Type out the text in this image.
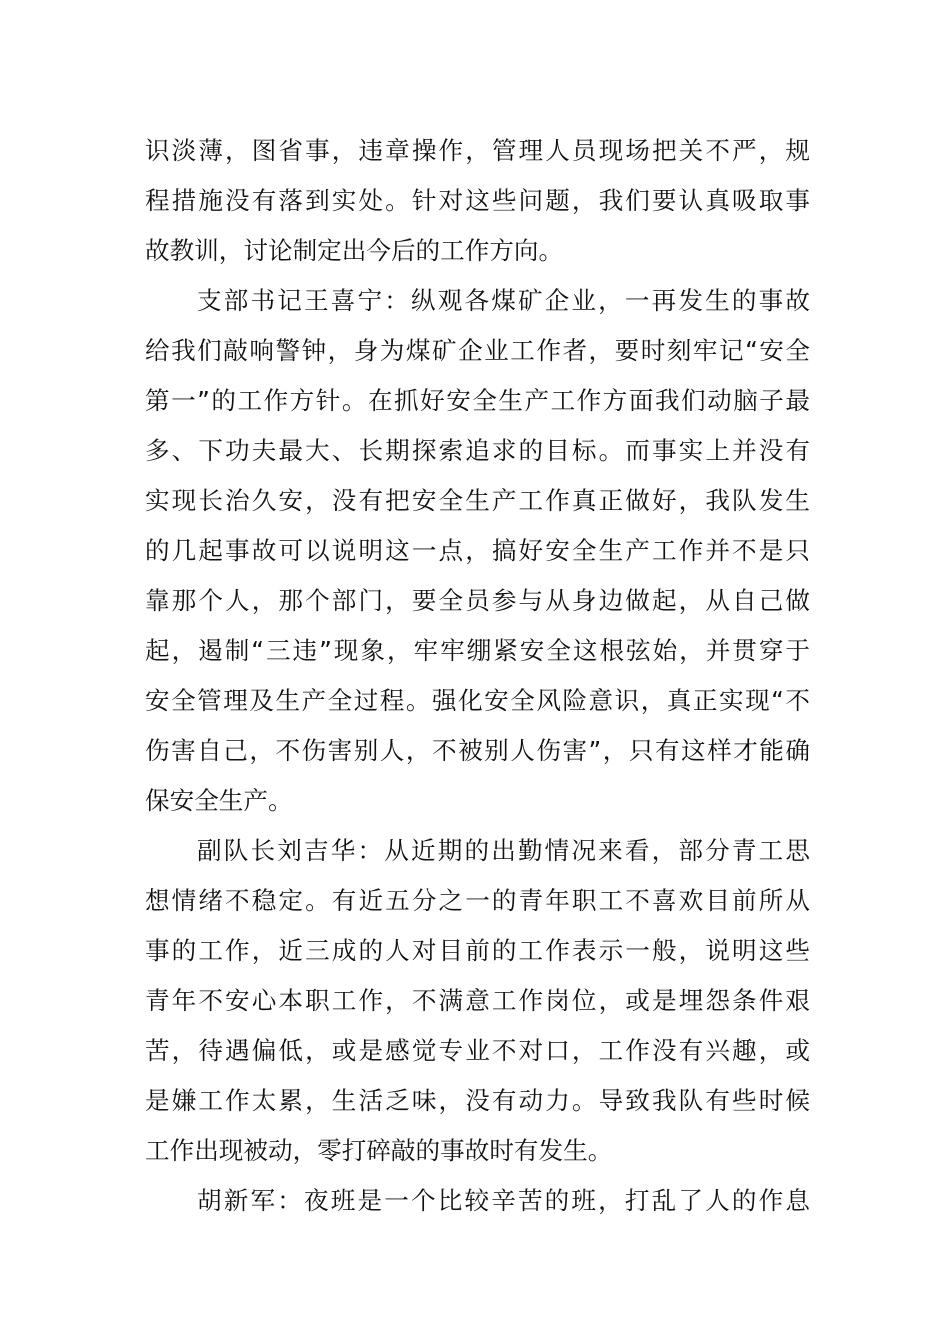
识淡薄，图省事，违章操作，管理人员现场把关不严，规
程措施没有落到实处。针对这些问题，我们要认真吸取事
故教训，讨论制定出今后的工作方向。
支部书记王喜宁：纵观各煤矿企业，一再发生的事故
给我们敲响警钟，身为煤矿企业工作者，要时刻牢记“安全
第一”的工作方针。在抓好安全生产工作方面我们动脑子最
多、下功夫最大、长期探索追求的目标。而事实上并没有
实现长治久安，没有把安全生产工作真正做好，我队发生
的几起事故可以说明这一点，搞好安全生产工作并不是只
靠那个人，那个部门，要全员参与从身边做起，从自己做
起，遏制“三违”现象，牢牢绷紧安全这根弦始，并贯穿于
安全管理及生产全过程。强化安全风险意识，真正实现“不
伤害自己，不伤害别人，不被别人伤害”，只有这样才能确
保安全生产。
副队长刘吉华：从近期的出勤情况来看，部分青工思
想情绪不稳定。有近五分之一的青年职工不喜欢目前所从
事的工作，近三成的人对目前的工作表示一般，说明这些
青年不安心本职工作，不满意工作岗位，或是埋怨条件艰
苦，待遇偏低，或是感觉专业不对口，工作没有兴趣，或
是嫌工作太累，生活乏味，没有动力。导致我队有些时候
工作出现被动，零打碎敲的事故时有发生。
胡新军：夜班是一个比较辛苦的班，打乱了人的作息
